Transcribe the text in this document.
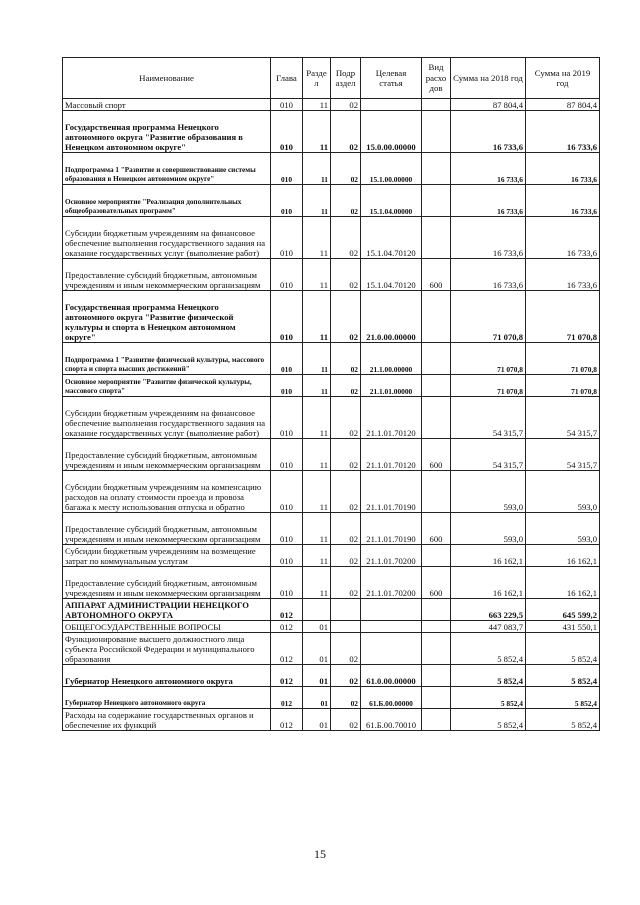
Наименование	Глава	Разде л	Подр аздел	Целевая статья	Вид расхо дов	Сумма на 2018 год	Сумма на 2019 год
Массовый спорт	010	11	02			87 804,4	87 804,4
Государственная программа Ненецкого автономного округа "Развитие образования в Ненецком автономном округе"	010	11	02	15.0.00.00000		16 733,6	16 733,6
Подпрограмма 1 "Развитие и совершенствование системы образования в Ненецком автономном округе"	010	11	02	15.1.00.00000		16 733,6	16 733,6
Основное мероприятие "Реализация дополнительных общеобразовательных программ"	010	11	02	15.1.04.00000		16 733,6	16 733,6
Субсидии бюджетным учреждениям на финансовое обеспечение выполнения государственного задания на оказание государственных услуг (выполнение работ)	010	11	02	15.1.04.70120		16 733,6	16 733,6
Предоставление субсидий бюджетным, автономным учреждениям и иным некоммерческим организациям	010	11	02	15.1.04.70120	600	16 733,6	16 733,6
Государственная программа Ненецкого автономного округа "Развитие физической культуры и спорта в Ненецком автономном округе"	010	11	02	21.0.00.00000		71 070,8	71 070,8
Подпрограмма 1 "Развитие физической культуры, массового спорта и спорта высших достижений"	010	11	02	21.1.00.00000		71 070,8	71 070,8
Основное мероприятие "Развитие физической культуры, массового спорта"	010	11	02	21.1.01.00000		71 070,8	71 070,8
Субсидии бюджетным учреждениям на финансовое обеспечение выполнения государственного задания на оказание государственных услуг (выполнение работ)	010	11	02	21.1.01.70120		54 315,7	54 315,7
Предоставление субсидий бюджетным, автономным учреждениям и иным некоммерческим организациям	010	11	02	21.1.01.70120	600	54 315,7	54 315,7
Субсидии бюджетным учреждениям на компенсацию расходов на оплату стоимости проезда и провоза багажа к месту использования отпуска и обратно	010	11	02	21.1.01.70190		593,0	593,0
Предоставление субсидий бюджетным, автономным учреждениям и иным некоммерческим организациям	010	11	02	21.1.01.70190	600	593,0	593,0
Субсидии бюджетным учреждениям на возмещение затрат по коммунальным услугам	010	11	02	21.1.01.70200		16 162,1	16 162,1
Предоставление субсидий бюджетным, автономным учреждениям и иным некоммерческим организациям	010	11	02	21.1.01.70200	600	16 162,1	16 162,1
АППАРАТ АДМИНИСТРАЦИИ НЕНЕЦКОГО АВТОНОМНОГО ОКРУГА	012					663 229,5	645 599,2
ОБЩЕГОСУДАРСТВЕННЫЕ ВОПРОСЫ	012	01				447 083,7	431 550,1
Функционирование высшего должностного лица субъекта Российской Федерации и муниципального образования	012	01	02			5 852,4	5 852,4
Губернатор Ненецкого автономного округа	012	01	02	61.0.00.00000		5 852,4	5 852,4
Губернатор Ненецкого автономного округа	012	01	02	61.Б.00.00000		5 852,4	5 852,4
Расходы на содержание государственных органов и обеспечение их функций	012	01	02	61.Б.00.70010		5 852,4	5 852,4
15
